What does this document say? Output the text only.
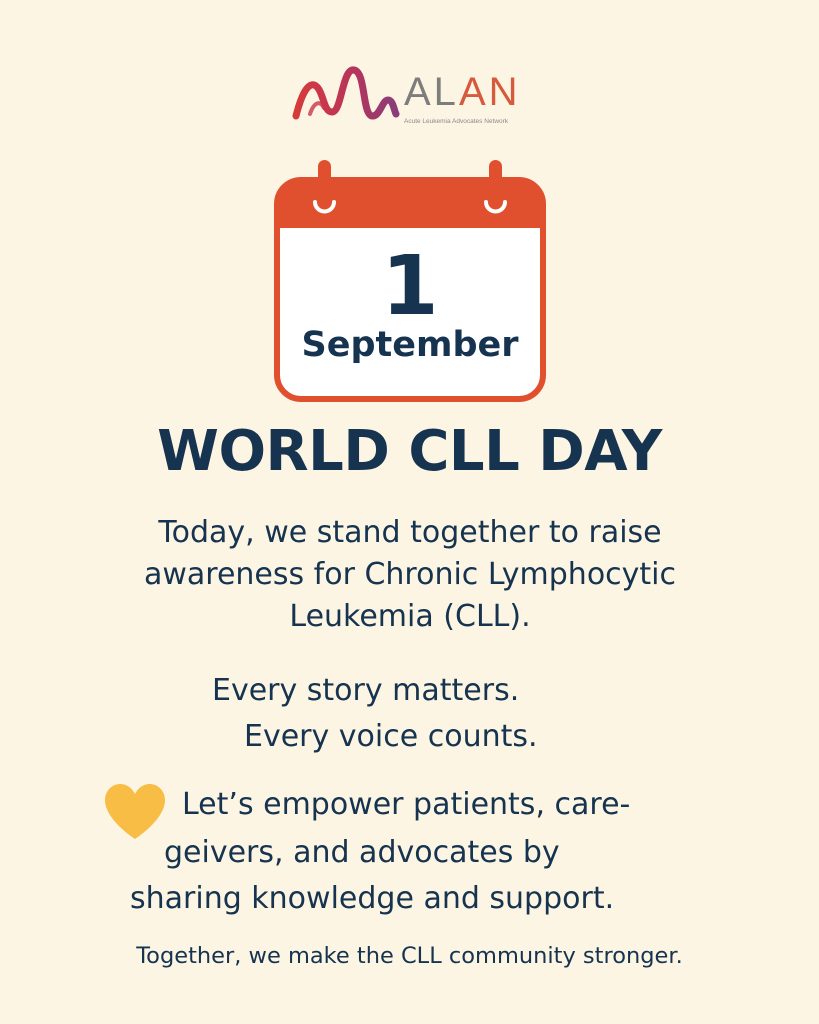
ALAN
Acute Leukemia Advocates Network
1
September
WORLD CLL DAY
Today, we stand together to raise
awareness for Chronic Lymphocytic
Leukemia (CLL).
Every story matters.
Every voice counts.
Let’s empower patients, care-
geivers, and advocates by
sharing knowledge and support.
Together, we make the CLL community stronger.
